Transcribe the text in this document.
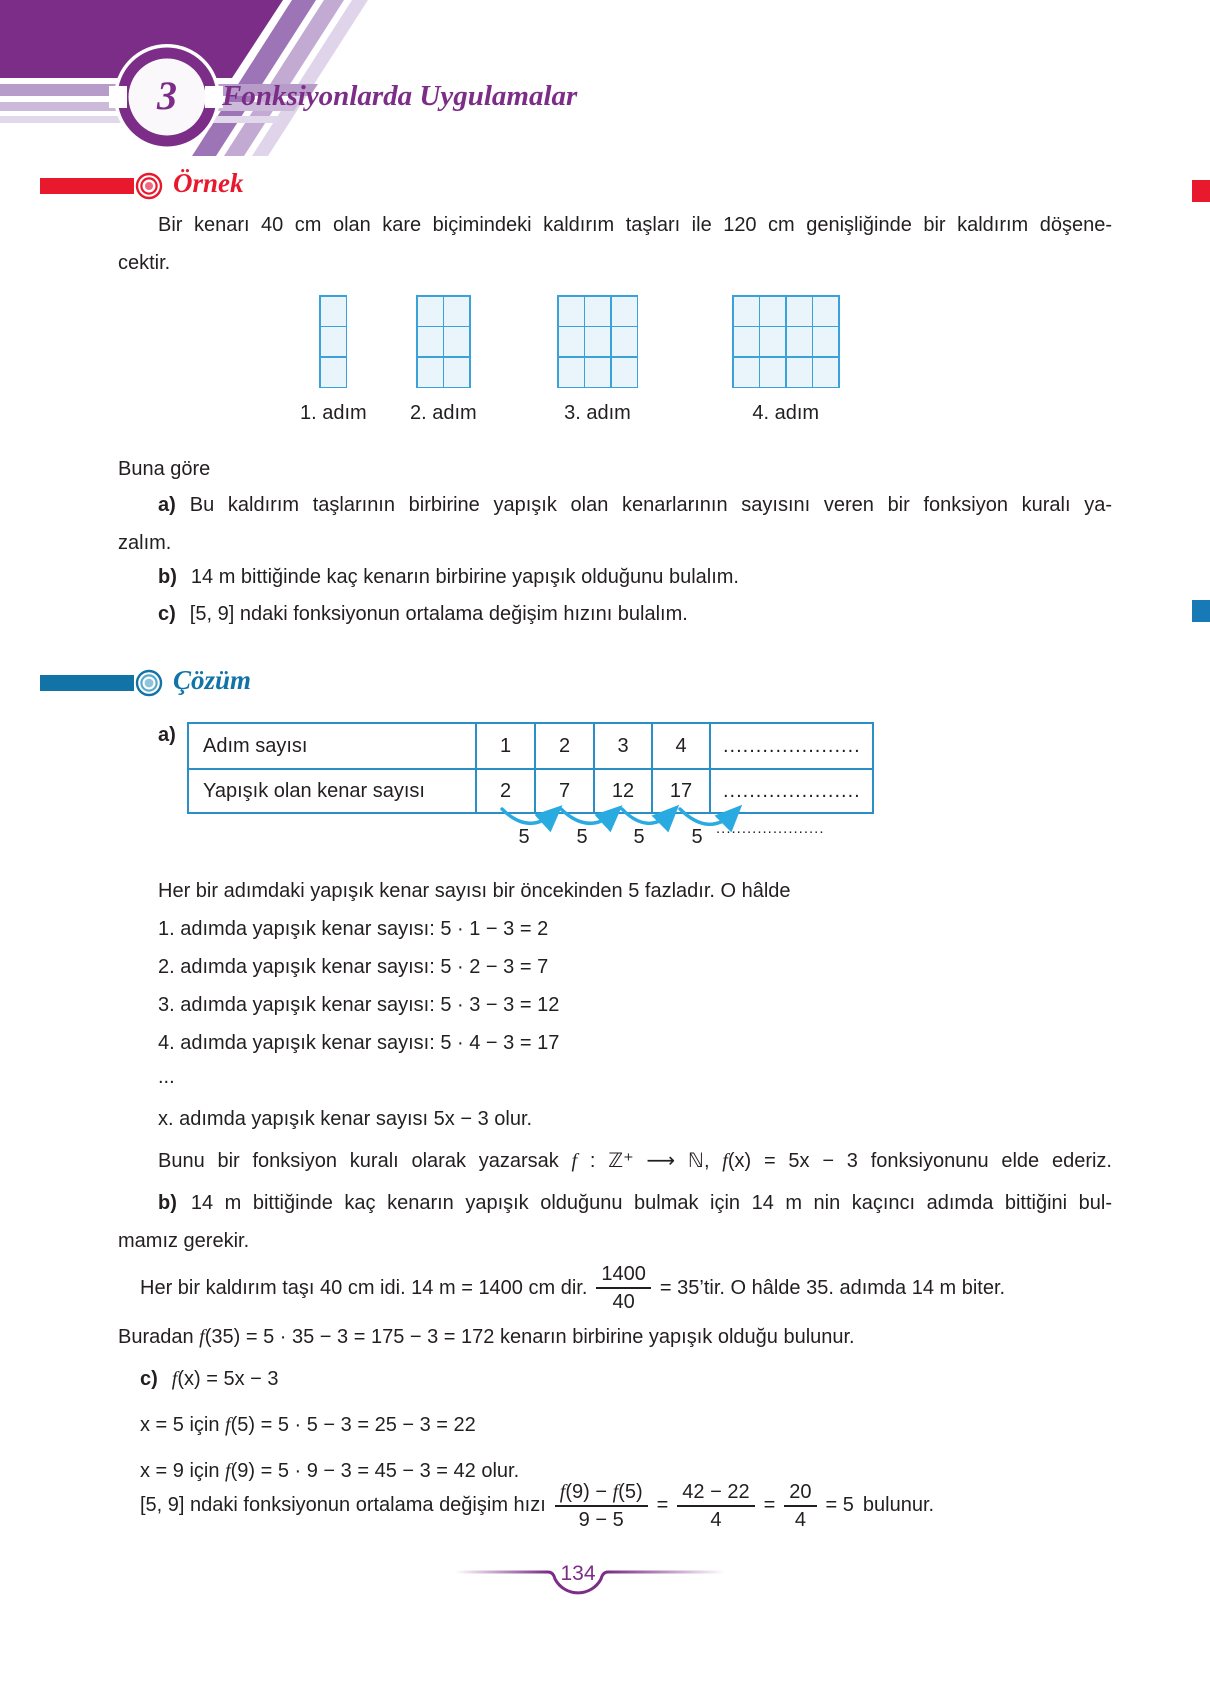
3	Fonksiyonlarda Uygulamalar
Örnek
Bir kenarı 40 cm olan kare biçimindeki kaldırım taşları ile 120 cm genişliğinde bir kaldırım döşene-
cektir.
1. adım 2. adım	3. adım	4. adım
Buna göre
a) Bu kaldırım taşlarının birbirine yapışık olan kenarlarının sayısını veren bir fonksiyon kuralı ya-
zalım.
b) 14 m bittiğinde kaç kenarın birbirine yapışık olduğunu bulalım.
c) [5, 9] ndaki fonksiyonun ortalama değişim hızını bulalım.
Çözüm
a)	Adım sayısı	1	2	3	4	.....................
Yapışık olan kenar sayısı	2	7	12	17	.....................
5	5	5	5 .....................
Her bir adımdaki yapışık kenar sayısı bir öncekinden 5 fazladır. O hâlde
1. adımda yapışık kenar sayısı: 5 · 1 − 3 = 2
2. adımda yapışık kenar sayısı: 5 · 2 − 3 = 7
3. adımda yapışık kenar sayısı: 5 · 3 − 3 = 12
4. adımda yapışık kenar sayısı: 5 · 4 − 3 = 17
...
x. adımda yapışık kenar sayısı 5x − 3 olur.
Bunu bir fonksiyon kuralı olarak yazarsak f : ℤ⁺ ⟶ ℕ, f(x) = 5x − 3 fonksiyonunu elde ederiz.
b) 14 m bittiğinde kaç kenarın yapışık olduğunu bulmak için 14 m nin kaçıncı adımda bittiğini bul-
mamız gerekir.
Her bir kaldırım taşı 40 cm idi. 14 m = 1400 cm dir. $\frac{1400}{40}$ = 35’tir. O hâlde 35. adımda 14 m biter.
Buradan f(35) = 5 · 35 − 3 = 175 − 3 = 172 kenarın birbirine yapışık olduğu bulunur.
c) f(x) = 5x − 3
x = 5 için f(5) = 5 · 5 − 3 = 25 − 3 = 22
x = 9 için f(9) = 5 · 9 − 3 = 45 − 3 = 42 olur.
[5, 9] ndaki fonksiyonun ortalama değişim hızı $\frac{f(9) - f(5)}{9 - 5} = \frac{42 - 22}{4} = \frac{20}{4} = 5$ bulunur.
134
